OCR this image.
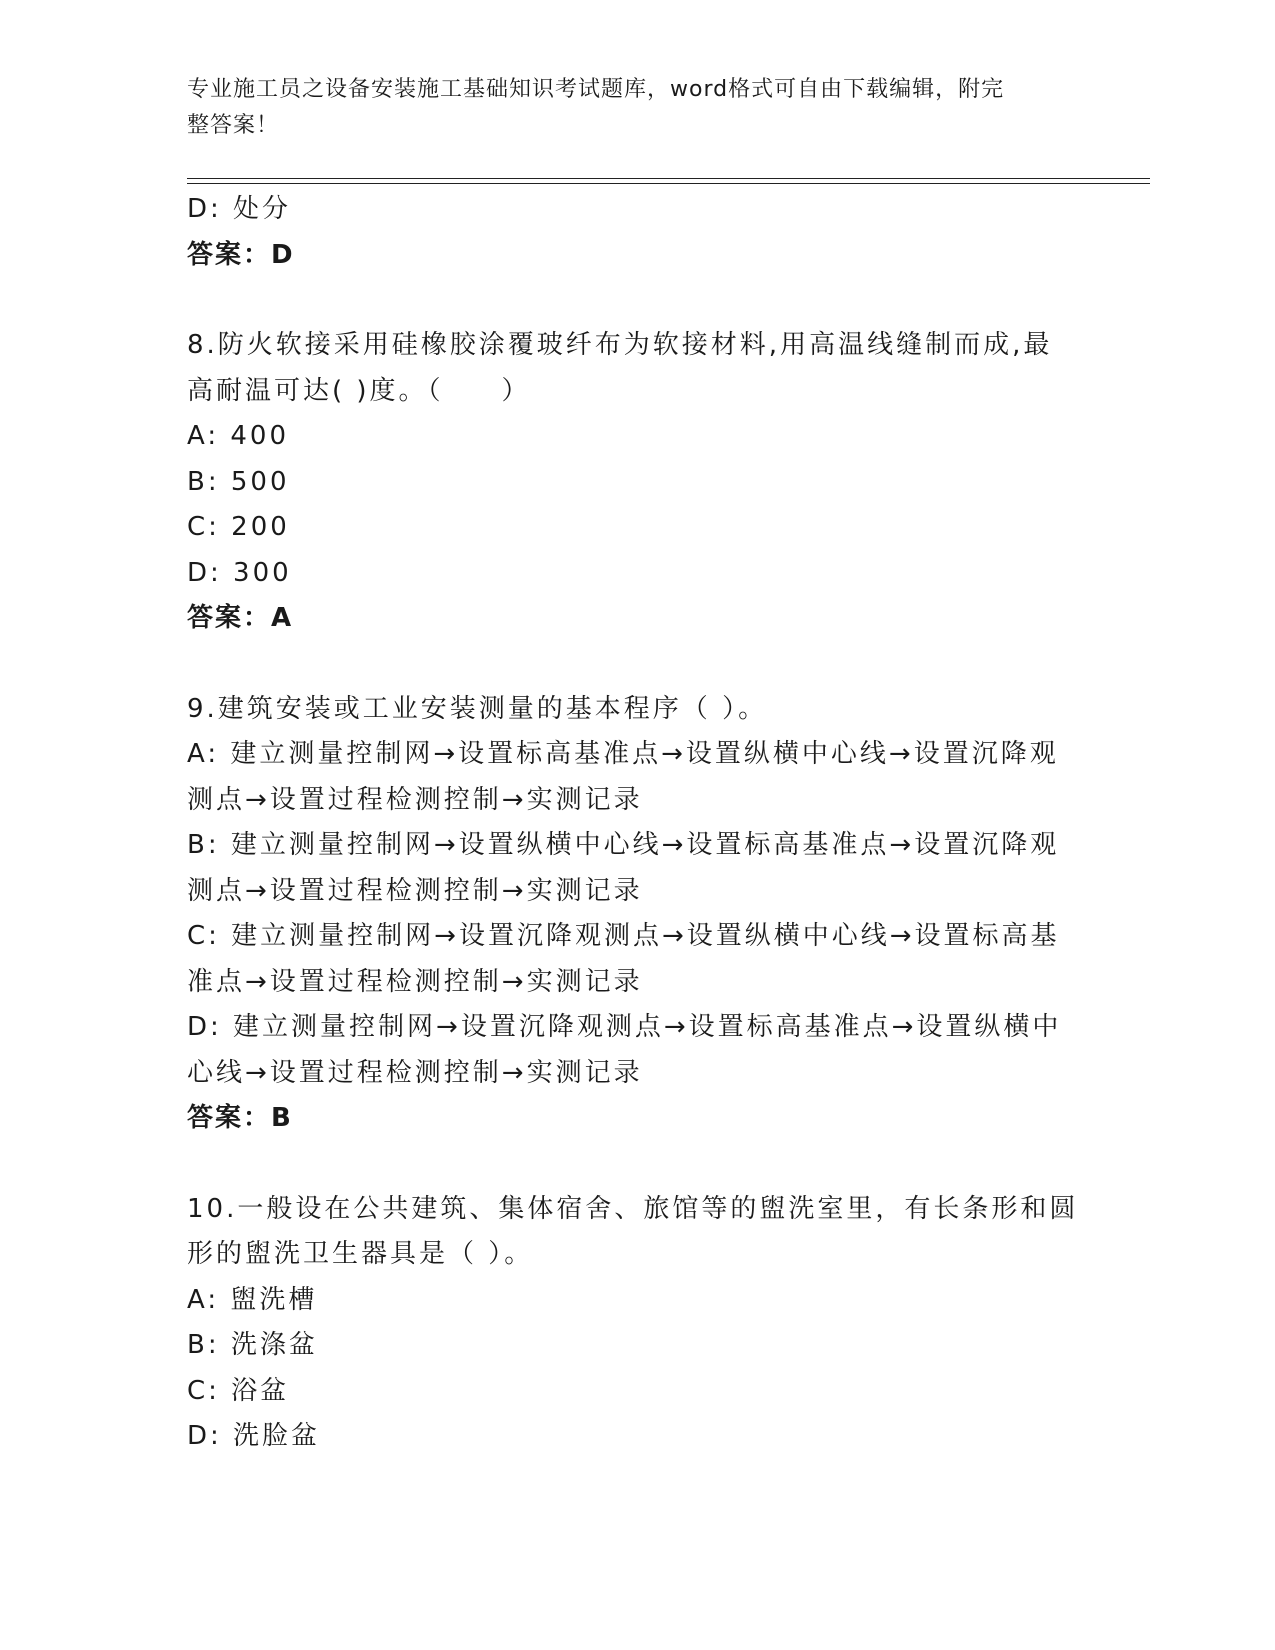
专业施工员之设备安装施工基础知识考试题库，word格式可自由下载编辑，附完
整答案！
D: 处分
答案：D
8.防火软接采用硅橡胶涂覆玻纤布为软接材料,用高温线缝制而成,最
高耐温可达( )度。（　　）
A: 400
B: 500
C: 200
D: 300
答案：A
9.建筑安装或工业安装测量的基本程序（ ）。
A: 建立测量控制网→设置标高基准点→设置纵横中心线→设置沉降观
测点→设置过程检测控制→实测记录
B: 建立测量控制网→设置纵横中心线→设置标高基准点→设置沉降观
测点→设置过程检测控制→实测记录
C: 建立测量控制网→设置沉降观测点→设置纵横中心线→设置标高基
准点→设置过程检测控制→实测记录
D: 建立测量控制网→设置沉降观测点→设置标高基准点→设置纵横中
心线→设置过程检测控制→实测记录
答案：B
10.一般设在公共建筑、集体宿舍、旅馆等的盥洗室里，有长条形和圆
形的盥洗卫生器具是（ ）。
A: 盥洗槽
B: 洗涤盆
C: 浴盆
D: 洗脸盆
